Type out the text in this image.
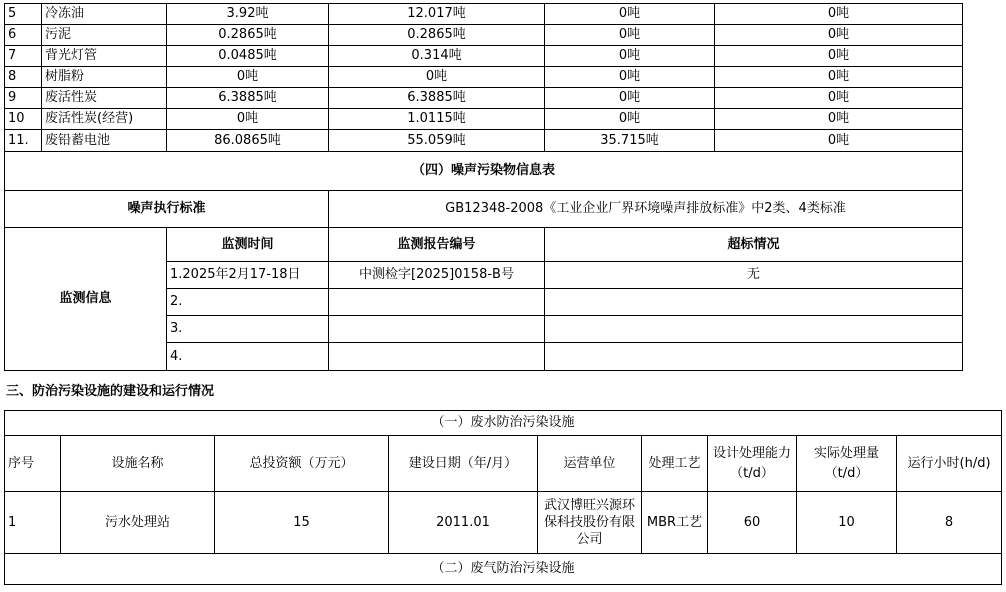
5	冷冻油	3.92吨	12.017吨	0吨	0吨
6	污泥	0.2865吨	0.2865吨	0吨	0吨
7	背光灯管	0.0485吨	0.314吨	0吨	0吨
8	树脂粉	0吨	0吨	0吨	0吨
9	废活性炭	6.3885吨	6.3885吨	0吨	0吨
10	废活性炭(经营)	0吨	1.0115吨	0吨	0吨
11.	废铅蓄电池	86.0865吨	55.059吨	35.715吨	0吨
（四）噪声污染物信息表					
噪声执行标准			GB12348-2008《工业企业厂界环境噪声排放标准》中2类、4类标准		
监测信息		监测时间	监测报告编号	超标情况	
		1.2025年2月17-18日	中测检字[2025]0158-B号	无	
		2.			
		3.			
		4.			
三、防治污染设施的建设和运行情况
（一）废水防治污染设施								
序号	设施名称	总投资额（万元）	建设日期（年/月）	运营单位	处理工艺	设计处理能力（t/d）	实际处理量（t/d）	运行小时(h/d)
1	污水处理站	15	2011.01	武汉博旺兴源环保科技股份有限公司	MBR工艺	60	10	8
（二）废气防治污染设施								
